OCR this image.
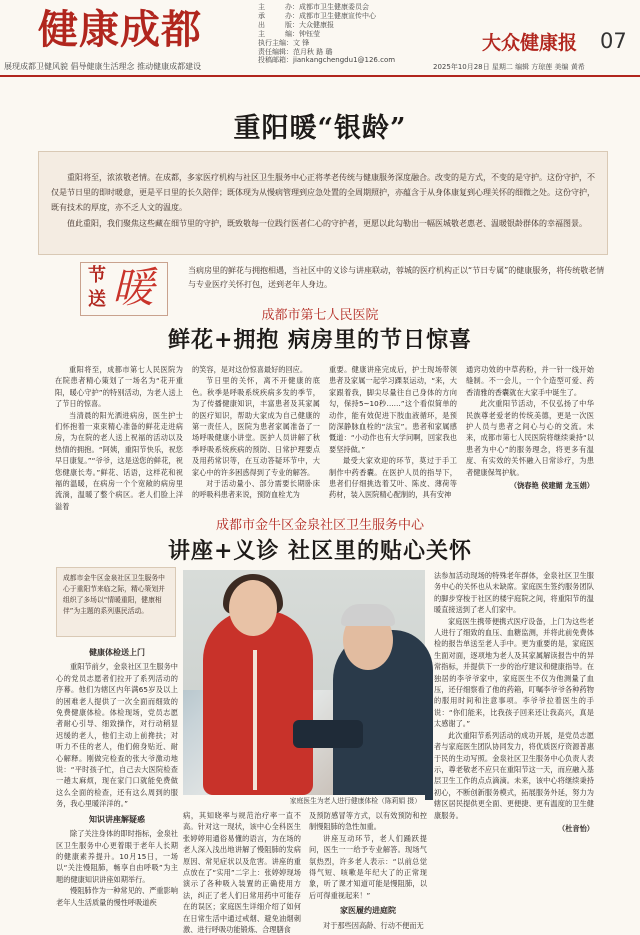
健康成都
展现成都卫健风貌 倡导健康生活理念 推动健康成都建设
主	办：成都市卫生健康委员会
承	办：成都市卫生健康宣传中心
出	版：大众健康报
主	编：钟钰莹
执行主编：文 锋
责任编辑：范月秋 路 璐
投稿邮箱：jiankangchengdu1@126.com
大众健康报 07
2025年10月28日 星期二 编辑 方琼莲 美编 黄希
重阳暖“银龄”

重阳将至，浓浓敬老情。在成都，多家医疗机构与社区卫生服务中心正将孝老传统与健康服务深度融合。改变的是方式，不变的是守护。这份守护，不仅是节日里的即时暖意，更是平日里的长久陪伴；既体现为从慢病管理到应急处置的全周期照护，亦蕴含于从身体康复到心理关怀的细微之处。这份守护，既有技术的厚度，亦不乏人文的温度。

值此重阳，我们聚焦这些藏在细节里的守护，既致敬每一位践行医者仁心的守护者，更愿以此勾勒出一幅医城敬老惠老、温暖银龄群体的幸福图景。

节
送 暖	当病房里的鲜花与拥抱相遇，当社区中的义诊与讲座联动，蓉城的医疗机构正以“节日专属”的健康服务，将传统敬老情与专业医疗关怀打包，送到老年人身边。
成都市第七人民医院
鲜花+拥抱 病房里的节日惊喜

重阳将至，成都市第七人民医院为在院患者精心策划了一场名为“花开重阳，暖心守护”的特别活动，为老人送上了节日的惊喜。

当清晨的阳光洒进病房，医生护士们怀抱着一束束精心准备的鲜花走进病房，为在院的老人送上祝福的活动以及热情的拥抱。“阿姨，重阳节快乐，祝您早日康复。”“爷爷，这是送您的鲜花，祝您健康长寿。”鲜花、话语，这样花和祝福的温暖，在病房一个个宽敞的病房里流淌，温暖了整个病区。老人们脸上洋溢着

的笑容，是对这份惊喜最好的回应。

节日里的关怀，离不开健康的底色。秋季是呼吸系统疾病多发的季节，为了传播健康知识，丰富患者及其家属的医疗知识，帮助大家成为自己健康的第一责任人，医院为患者家属准备了一场呼吸健康小讲堂。医护人员讲解了秋季呼吸系统疾病的预防、日常护理要点及用药常识等，在互动答疑环节中，大家心中的许多困惑得到了专业的解答。

对于活动量小、部分需要长期卧床的呼吸科患者来说，预防血栓尤为

重要。健康讲座完成后，护士现场带领患者及家属一起学习踝泵运动，“来，大家跟着我，脚尖尽量往自己身体的方向勾，保持5~10秒……”这个看似简单的动作，能有效促进下肢血液循环，是预防深静脉血栓的“法宝”。患者和家属感慨道：“小动作也有大学问啊，回家我也要坚持做。”

最受大家欢迎的环节，莫过于手工制作中药香囊。在医护人员的指导下，患者们仔细挑选着艾叶、陈皮、薄荷等药材，装入医院精心配制的，具有安神

通窍功效的中草药粉，并一针一线开始缝制。不一会儿，一个个造型可爱、药香清雅的香囊就在大家手中诞生了。

此次重阳节活动，不仅弘扬了中华民族尊老爱老的传统美德，更是一次医护人员与患者之间心与心的交流。未来，成都市第七人民医院将继续秉持“以患者为中心”的服务理念，将更多有温度、有实效的关怀融入日常诊疗，为患者健康保驾护航。

（饶春艳 侯建媚 龙玉娟）

成都市金牛区金泉社区卫生服务中心
讲座+义诊 社区里的贴心关怀
成都市金牛区金泉社区卫生服务中心于重阳节来临之际，精心策划并组织了多场以“情暖重阳，健康相伴”为主题的系列惠民活动。
家庭医生为老人进行健康体检（陈莉娟 摄）
健康体检送上门

重阳节前夕，金泉社区卫生服务中心的党员志愿者们拉开了系列活动的序幕。他们为辖区内年满65岁及以上的困难老人提供了一次全面而细致的免费健康体检。体检现场，党员志愿者耐心引导、细致操作，对行动稍显迟缓的老人，他们主动上前搀扶；对听力不佳的老人，他们俯身贴近、耐心解释。刚做完检查的张大爷激动地说：“平时孩子忙，自己去大医院检查一趟太麻烦，现在家门口就能免费做这么全面的检查，还有这么周到的服务，我心里暖洋洋的。”

知识讲座解疑惑

除了关注身体的即时指标，金泉社区卫生服务中心更着眼于老年人长期的健康素养提升。10月15日，一场以“关注慢阻肺，畅享自由呼吸”为主题的健康知识讲座如期举行。

慢阻肺作为一种常见的、严重影响老年人生活质量的慢性呼吸道疾

病，其知晓率与规范治疗率一直不高。针对这一现状，该中心全科医生张婷婷用通俗易懂的语言，为在场的老人深入浅出地讲解了慢阻肺的发病原因、常见症状以及危害。讲座的重点放在了“实用”二字上：张婷婷现场演示了各种吸入装置的正确使用方法，纠正了老人们日常用药中可能存在的误区；家庭医生详细介绍了如何在日常生活中通过戒烟、避免油烟刺激、进行呼吸功能锻炼、合理膳食

及预防感冒等方式，以有效预防和控制慢阻肺的急性加重。

讲座互动环节，老人们踊跃提问，医生一一给予专业解答。现场气氛热烈，许多老人表示：“以前总觉得气短、咳嗽是年纪大了的正常现象，听了课才知道可能是慢阻肺，以后可得重视起来！”

家医履约进庭院

对于那些因高龄、行动不便而无

法参加活动现场的特殊老年群体，金泉社区卫生服务中心的关怀也从未缺席。家庭医生签约服务团队的脚步穿梭于社区的楼宇庭院之间，将重阳节的温暖直接送到了老人们家中。

家庭医生携带便携式医疗设备，上门为这些老人进行了细致的血压、血糖监测，并将此前免费体检的报告单送至老人手中。更为重要的是，家庭医生面对面，逐项地为老人及其家属解读报告中的异常指标，并提供下一步的治疗建议和健康指导。在独居的李爷爷家中，家庭医生不仅为他测量了血压，还仔细察看了他的药箱，叮嘱李爷爷各种药物的服用时间和注意事项。李爷爷拉着医生的手说：“你们能来，比我孩子回来还让我高兴，真是太感谢了。”

此次重阳节系列活动的成功开展，是党员志愿者与家庭医生团队协同发力，将优质医疗资源普惠于民的生动写照。金泉社区卫生服务中心负责人表示，尊老敬老不应只在重阳节这一天，而应融入基层卫生工作的点点滴滴。未来，该中心将继续秉持初心，不断创新服务模式，拓展服务外延，努力为辖区居民提供更全面、更便捷、更有温度的卫生健康服务。

（杜音怡）
